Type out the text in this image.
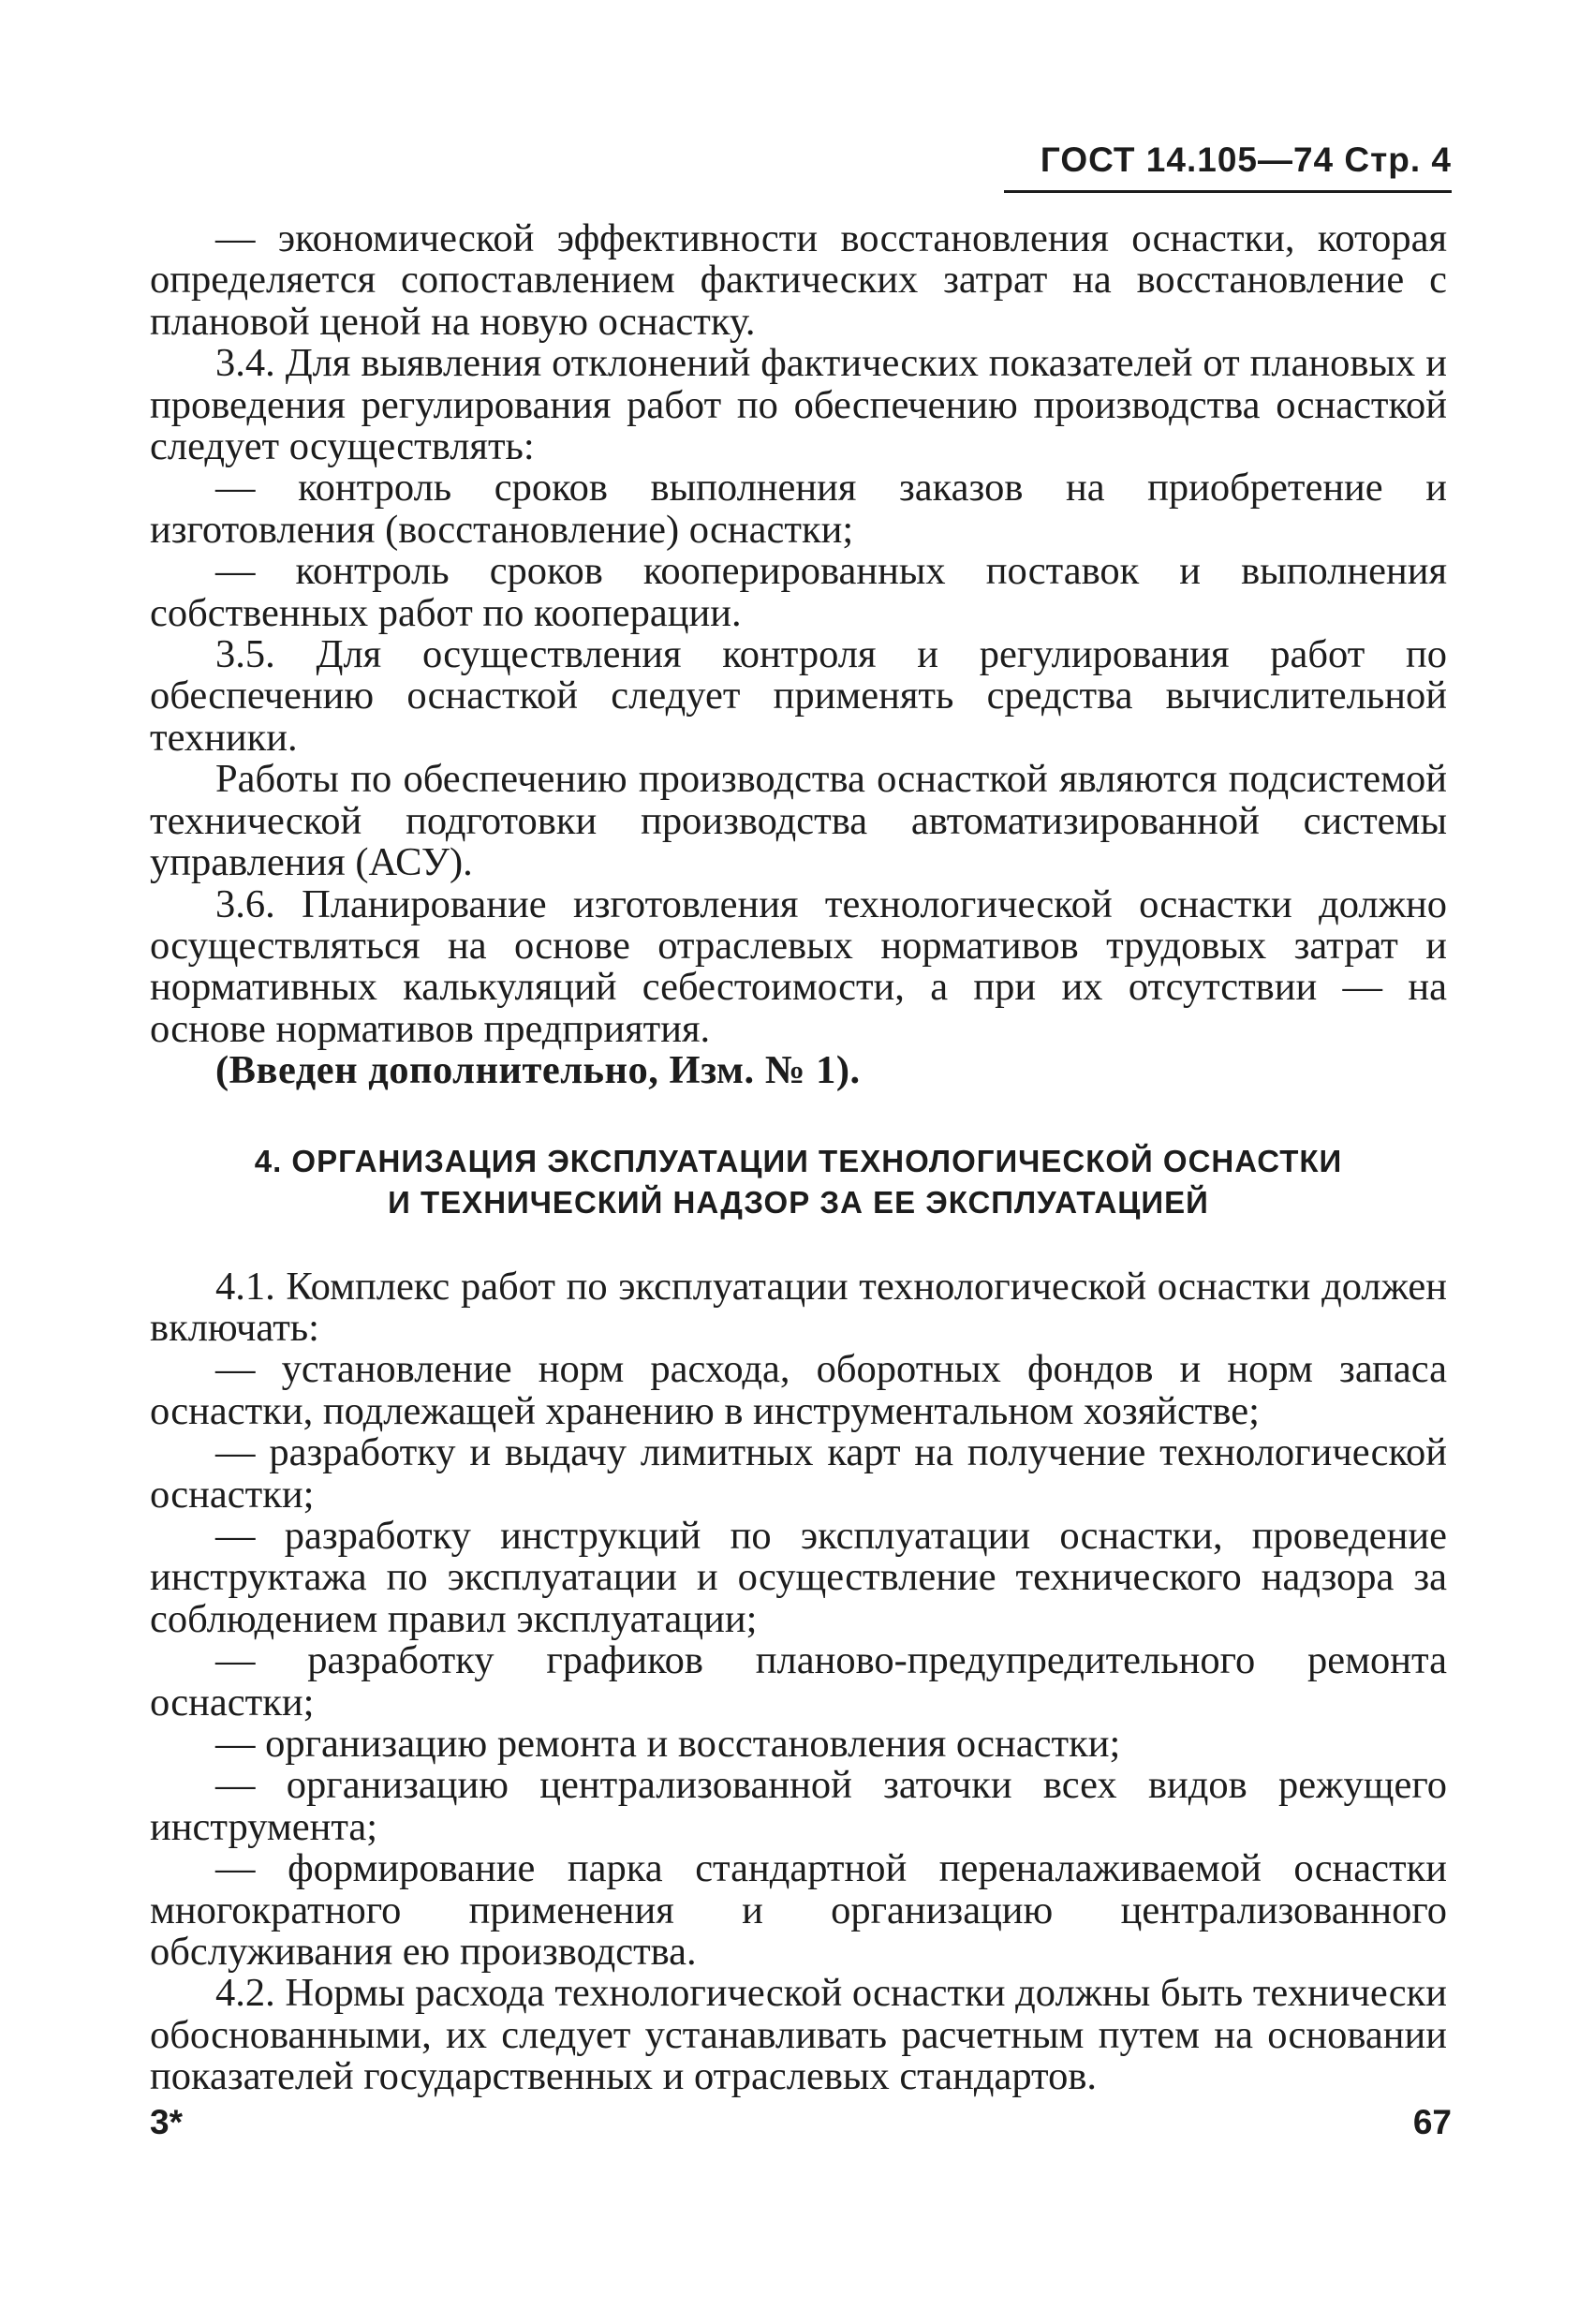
ГОСТ 14.105—74 Стр. 4

— экономической эффективности восстановления оснастки, которая определяется сопоставлением фактических затрат на восстановление с плановой ценой на новую оснастку.

3.4. Для выявления отклонений фактических показателей от плановых и проведения регулирования работ по обеспечению производства оснасткой следует осуществлять:

— контроль сроков выполнения заказов на приобретение и изготовления (восстановление) оснастки;

— контроль сроков кооперированных поставок и выполнения собственных работ по кооперации.

3.5. Для осуществления контроля и регулирования работ по обеспечению оснасткой следует применять средства вычислительной техники.

Работы по обеспечению производства оснасткой являются подсистемой технической подготовки производства автоматизированной системы управления (АСУ).

3.6. Планирование изготовления технологической оснастки должно осуществляться на основе отраслевых нормативов трудовых затрат и нормативных калькуляций себестоимости, а при их отсутствии — на основе нормативов предприятия.

(Введен дополнительно, Изм. № 1).

4. ОРГАНИЗАЦИЯ ЭКСПЛУАТАЦИИ ТЕХНОЛОГИЧЕСКОЙ ОСНАСТКИ
И ТЕХНИЧЕСКИЙ НАДЗОР ЗА ЕЕ ЭКСПЛУАТАЦИЕЙ

4.1. Комплекс работ по эксплуатации технологической оснастки должен включать:

— установление норм расхода, оборотных фондов и норм запаса оснастки, подлежащей хранению в инструментальном хозяйстве;

— разработку и выдачу лимитных карт на получение технологической оснастки;

— разработку инструкций по эксплуатации оснастки, проведение инструктажа по эксплуатации и осуществление технического надзора за соблюдением правил эксплуатации;

— разработку графиков планово-предупредительного ремонта оснастки;

— организацию ремонта и восстановления оснастки;

— организацию централизованной заточки всех видов режущего инструмента;

— формирование парка стандартной переналаживаемой оснастки многократного применения и организацию централизованного обслуживания ею производства.

4.2. Нормы расхода технологической оснастки должны быть технически обоснованными, их следует устанавливать расчетным путем на основании показателей государственных и отраслевых стандартов.

3*	67
